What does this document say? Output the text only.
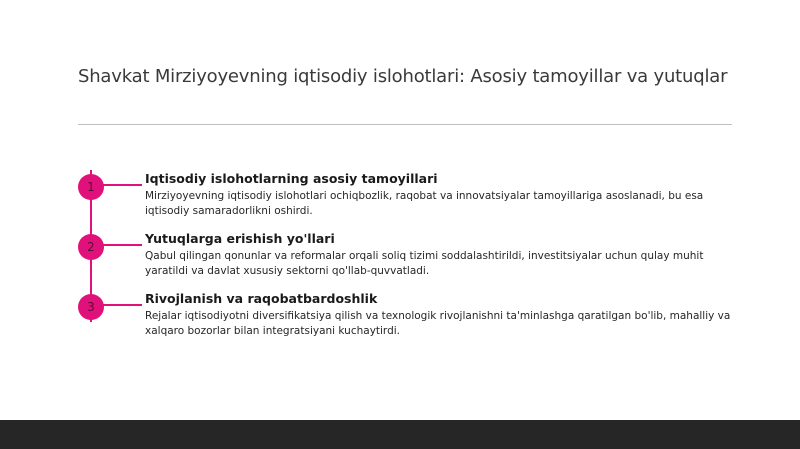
Shavkat Mirziyoyevning iqtisodiy islohotlari: Asosiy tamoyillar va yutuqlar
1
Iqtisodiy islohotlarning asosiy tamoyillari

Mirziyoyevning iqtisodiy islohotlari ochiqbozlik, raqobat va innovatsiyalar tamoyillariga asoslanadi, bu esa iqtisodiy samaradorlikni oshirdi.

2
Yutuqlarga erishish yo'llari

Qabul qilingan qonunlar va reformalar orqali soliq tizimi soddalashtirildi, investitsiyalar uchun qulay muhit yaratildi va davlat xususiy sektorni qo'llab-quvvatladi.

3
Rivojlanish va raqobatbardoshlik

Rejalar iqtisodiyotni diversifikatsiya qilish va texnologik rivojlanishni ta'minlashga qaratilgan bo'lib, mahalliy va xalqaro bozorlar bilan integratsiyani kuchaytirdi.
